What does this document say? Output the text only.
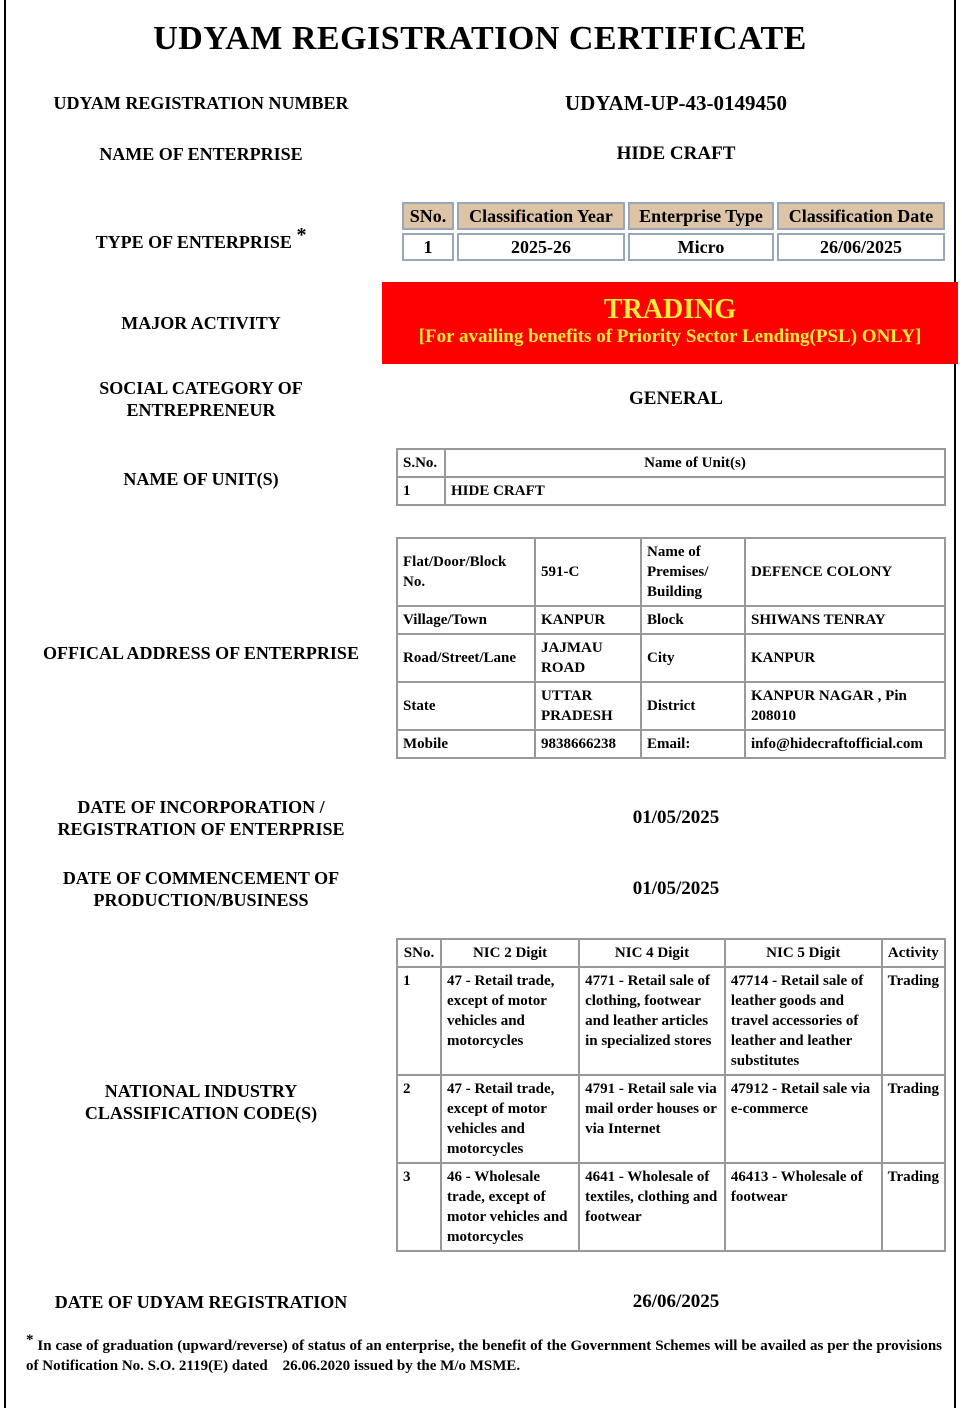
UDYAM REGISTRATION CERTIFICATE
UDYAM REGISTRATION NUMBER	UDYAM-UP-43-0149450
NAME OF ENTERPRISE	HIDE CRAFT
TYPE OF ENTERPRISE *
SNo.	Classification Year	Enterprise Type	Classification Date
1	2025-26	Micro	26/06/2025
MAJOR ACTIVITY	TRADING
[For availing benefits of Priority Sector Lending(PSL) ONLY]
SOCIAL CATEGORY OF
ENTREPRENEUR
GENERAL
NAME OF UNIT(S)
S.No.	Name of Unit(s)
1	HIDE CRAFT
OFFICAL ADDRESS OF ENTERPRISE
Flat/Door/Block No.	591-C	Name of Premises/ Building	DEFENCE COLONY
Village/Town	KANPUR	Block	SHIWANS TENRAY
Road/Street/Lane	JAJMAU ROAD	City	KANPUR
State	UTTAR PRADESH	District	KANPUR NAGAR , Pin 208010
Mobile	9838666238	Email:	info@hidecraftofficial.com
DATE OF INCORPORATION /
REGISTRATION OF ENTERPRISE
01/05/2025
DATE OF COMMENCEMENT OF
PRODUCTION/BUSINESS
01/05/2025
NATIONAL INDUSTRY
CLASSIFICATION CODE(S)
SNo.	NIC 2 Digit	NIC 4 Digit	NIC 5 Digit	Activity
1	47 - Retail trade, except of motor vehicles and motorcycles	4771 - Retail sale of clothing, footwear and leather articles in specialized stores	47714 - Retail sale of leather goods and travel accessories of leather and leather substitutes	Trading
2	47 - Retail trade, except of motor vehicles and motorcycles	4791 - Retail sale via mail order houses or via Internet	47912 - Retail sale via e-commerce	Trading
3	46 - Wholesale trade, except of motor vehicles and motorcycles	4641 - Wholesale of textiles, clothing and footwear	46413 - Wholesale of footwear	Trading
DATE OF UDYAM REGISTRATION	26/06/2025
* In case of graduation (upward/reverse) of status of an enterprise, the benefit of the Government Schemes will be availed as per the provisions of Notification No. S.O. 2119(E) dated    26.06.2020 issued by the M/o MSME.
